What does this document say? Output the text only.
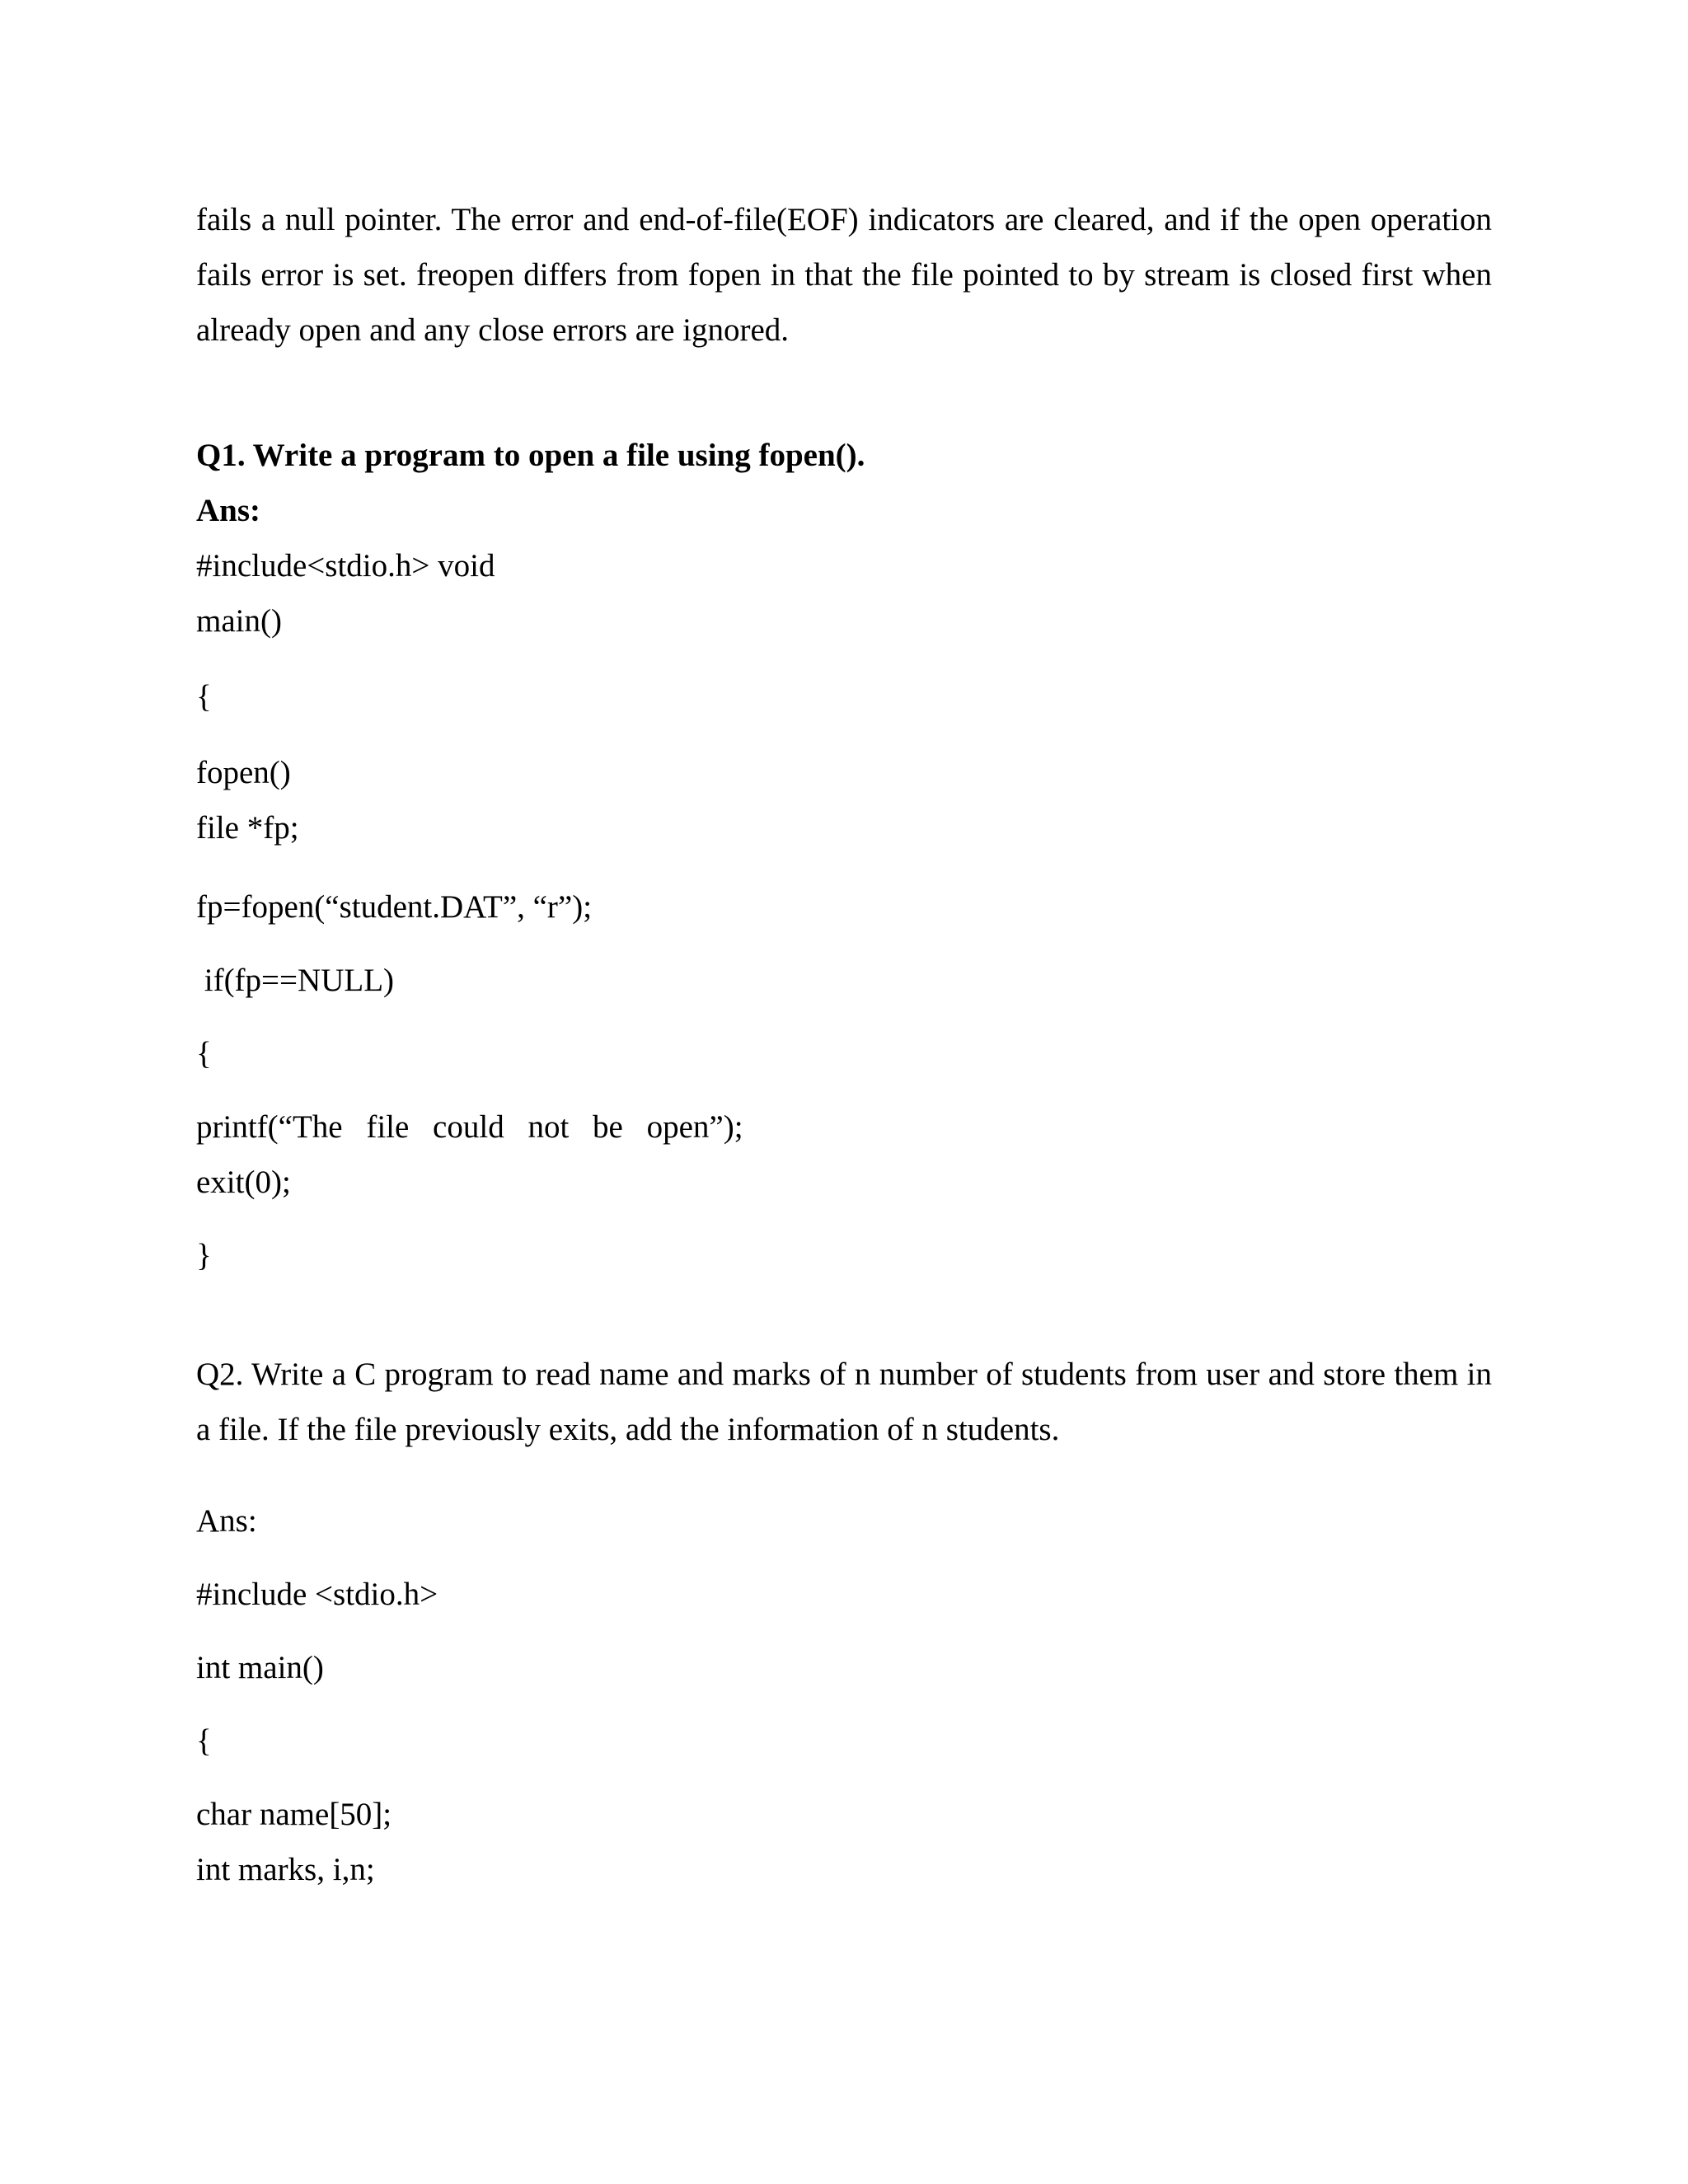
fails a null pointer. The error and end-of-file(EOF) indicators are cleared, and if the open operation fails error is set. freopen differs from fopen in that the file pointed to by stream is closed first when already open and any close errors are ignored.
Q1. Write a program to open a file using fopen().
Ans:
#include<stdio.h> void
main()
{
fopen()
file *fp;
fp=fopen(“student.DAT”, “r”);
if(fp==NULL)
{
printf(“The file could not be open”);
exit(0);
}
Q2. Write a C program to read name and marks of n number of students from user and store them in a file. If the file previously exits, add the information of n students.
Ans:
#include <stdio.h>
int main()
{
char name[50];
int marks, i,n;
